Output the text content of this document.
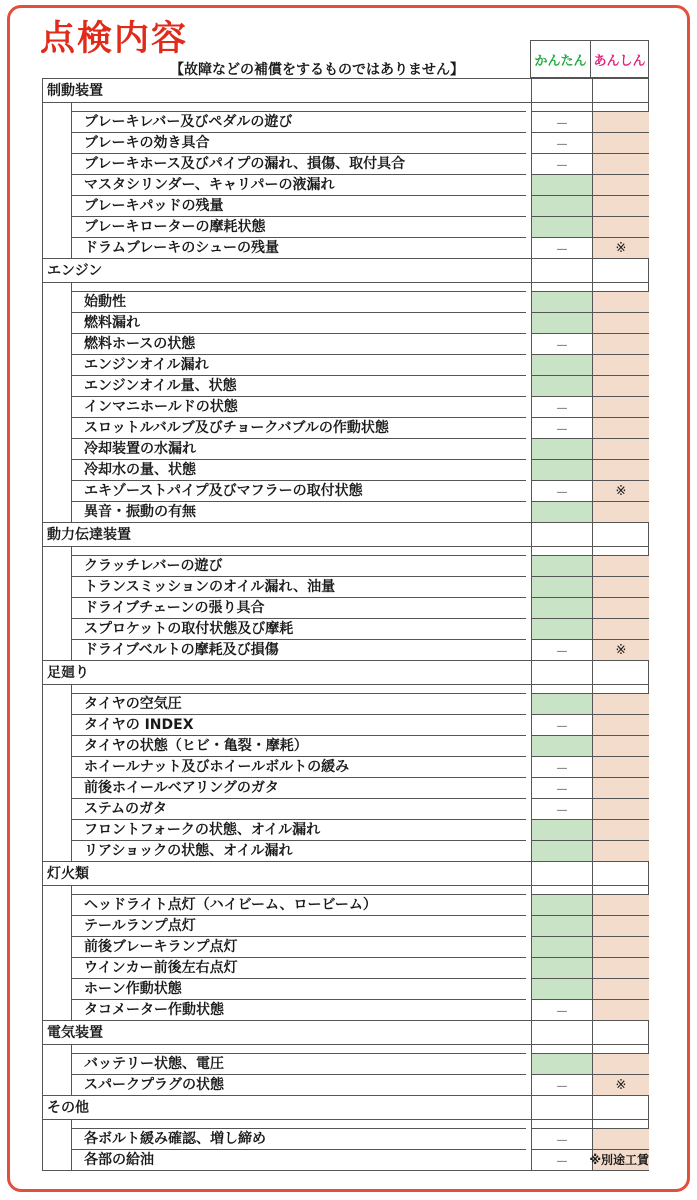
点検内容
【故障などの補償をするものではありません】
かんたん あんしん
制動装置
ブレーキレバー及びペダルの遊び	－
ブレーキの効き具合	－
ブレーキホース及びパイプの漏れ、損傷、取付具合	－
マスタシリンダー、キャリパーの液漏れ
ブレーキパッドの残量
ブレーキローターの摩耗状態
ドラムブレーキのシューの残量	－	※
エンジン
始動性
燃料漏れ
燃料ホースの状態	－
エンジンオイル漏れ
エンジンオイル量、状態
インマニホールドの状態	－
スロットルバルブ及びチョークバブルの作動状態	－
冷却装置の水漏れ
冷却水の量、状態
エキゾーストパイプ及びマフラーの取付状態	－	※
異音・振動の有無
動力伝達装置
クラッチレバーの遊び
トランスミッションのオイル漏れ、油量
ドライブチェーンの張り具合
スプロケットの取付状態及び摩耗
ドライブベルトの摩耗及び損傷	－	※
足廻り
タイヤの空気圧
タイヤの INDEX	－
タイヤの状態（ヒビ・亀裂・摩耗）
ホイールナット及びホイールボルトの緩み	－
前後ホイールベアリングのガタ	－
ステムのガタ	－
フロントフォークの状態、オイル漏れ
リアショックの状態、オイル漏れ
灯火類
ヘッドライト点灯（ハイビーム、ロービーム）
テールランプ点灯
前後ブレーキランプ点灯
ウインカー前後左右点灯
ホーン作動状態
タコメーター作動状態	－
電気装置
バッテリー状態、電圧
スパークプラグの状態	－	※
その他
各ボルト緩み確認、増し締め	－
各部の給油	－	※別途工賃
